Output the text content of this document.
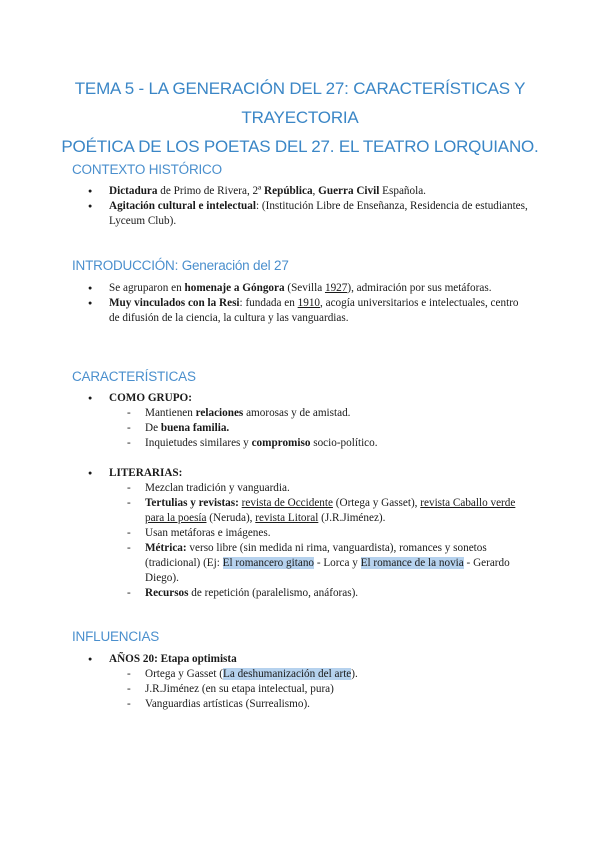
TEMA 5 - LA GENERACIÓN DEL 27: CARACTERÍSTICAS Y TRAYECTORIA
POÉTICA DE LOS POETAS DEL 27. EL TEATRO LORQUIANO.
CONTEXTO HISTÓRICO
● Dictadura de Primo de Rivera, 2ª República, Guerra Civil Española.
● Agitación cultural e intelectual: (Institución Libre de Enseñanza, Residencia de estudiantes, Lyceum Club).
INTRODUCCIÓN: Generación del 27
● Se agruparon en homenaje a Góngora (Sevilla 1927), admiración por sus metáforas.
● Muy vinculados con la Resi: fundada en 1910, acogía universitarios e intelectuales, centro de difusión de la ciencia, la cultura y las vanguardias.
CARACTERÍSTICAS
● COMO GRUPO:
- Mantienen relaciones amorosas y de amistad.
- De buena familia.
- Inquietudes similares y compromiso socio-político.
● LITERARIAS:
- Mezclan tradición y vanguardia.
- Tertulias y revistas: revista de Occidente (Ortega y Gasset), revista Caballo verde para la poesía (Neruda), revista Litoral (J.R.Jiménez).
- Usan metáforas e imágenes.
- Métrica: verso libre (sin medida ni rima, vanguardista), romances y sonetos (tradicional) (Ej: El romancero gitano - Lorca y El romance de la novia - Gerardo Diego).
- Recursos de repetición (paralelismo, anáforas).
INFLUENCIAS
● AÑOS 20: Etapa optimista
- Ortega y Gasset (La deshumanización del arte).
- J.R.Jiménez (en su etapa intelectual, pura)
- Vanguardias artísticas (Surrealismo).
